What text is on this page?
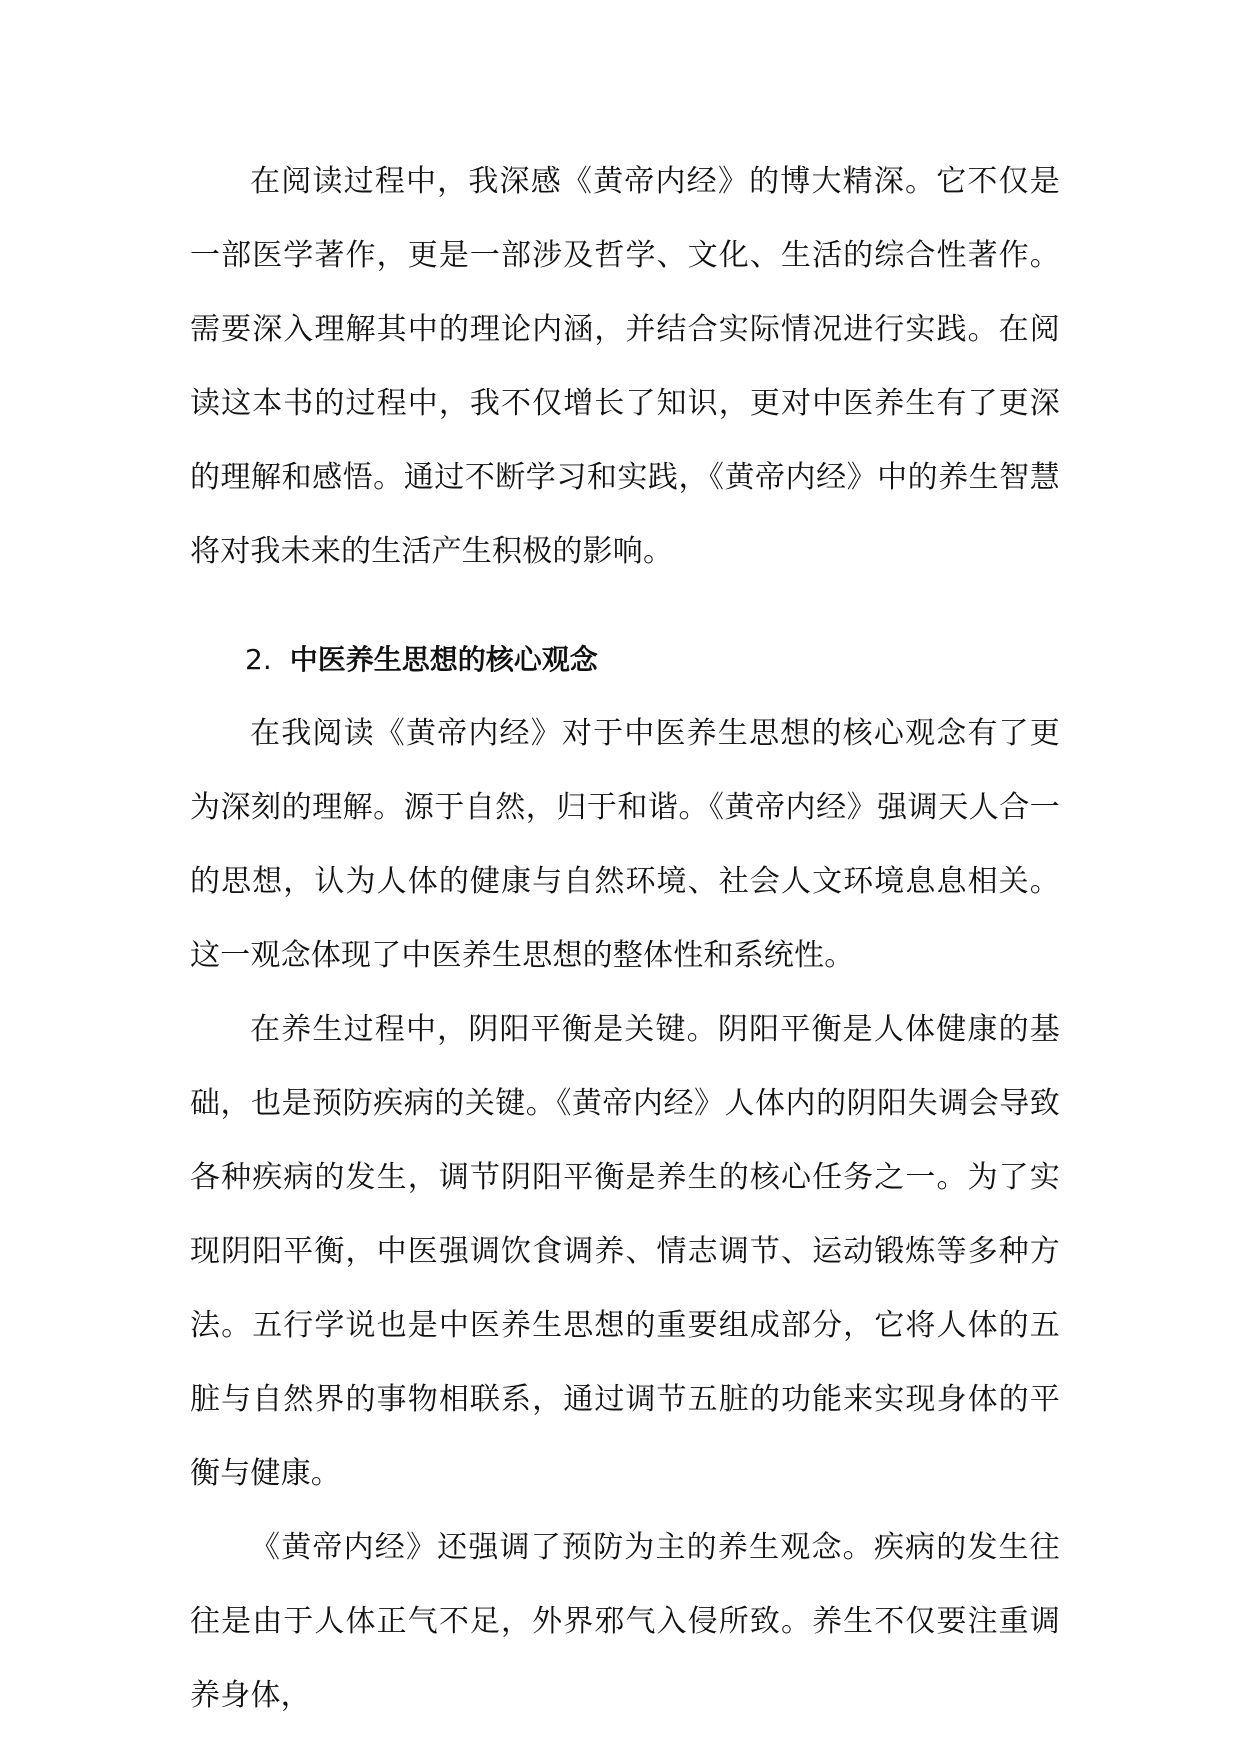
在阅读过程中，我深感《黄帝内经》的博大精深。它不仅是一部医学著作，更是一部涉及哲学、文化、生活的综合性著作。需要深入理解其中的理论内涵，并结合实际情况进行实践。在阅读这本书的过程中，我不仅增长了知识，更对中医养生有了更深的理解和感悟。通过不断学习和实践，《黄帝内经》中的养生智慧将对我未来的生活产生积极的影响。

2. 中医养生思想的核心观念

在我阅读《黄帝内经》对于中医养生思想的核心观念有了更为深刻的理解。源于自然，归于和谐。《黄帝内经》强调天人合一的思想，认为人体的健康与自然环境、社会人文环境息息相关。这一观念体现了中医养生思想的整体性和系统性。

在养生过程中，阴阳平衡是关键。阴阳平衡是人体健康的基础，也是预防疾病的关键。《黄帝内经》人体内的阴阳失调会导致各种疾病的发生，调节阴阳平衡是养生的核心任务之一。为了实现阴阳平衡，中医强调饮食调养、情志调节、运动锻炼等多种方法。五行学说也是中医养生思想的重要组成部分，它将人体的五脏与自然界的事物相联系，通过调节五脏的功能来实现身体的平衡与健康。

《黄帝内经》还强调了预防为主的养生观念。疾病的发生往往是由于人体正气不足，外界邪气入侵所致。养生不仅要注重调养身体，
